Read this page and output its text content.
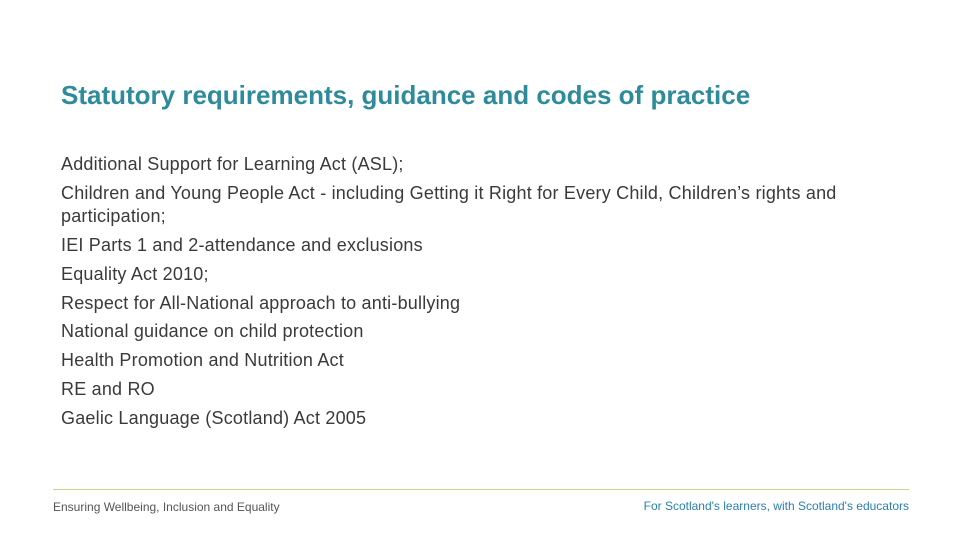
Statutory requirements, guidance and codes of practice
Additional Support for Learning Act (ASL);
Children and Young People Act - including Getting it Right for Every Child, Children’s rights and participation;
IEI Parts 1 and 2-attendance and exclusions
Equality Act 2010;
Respect for All-National approach to anti-bullying
National guidance on child protection
Health Promotion and Nutrition Act
RE and RO
Gaelic Language (Scotland) Act 2005
Ensuring Wellbeing, Inclusion and Equality	For Scotland's learners, with Scotland's educators
